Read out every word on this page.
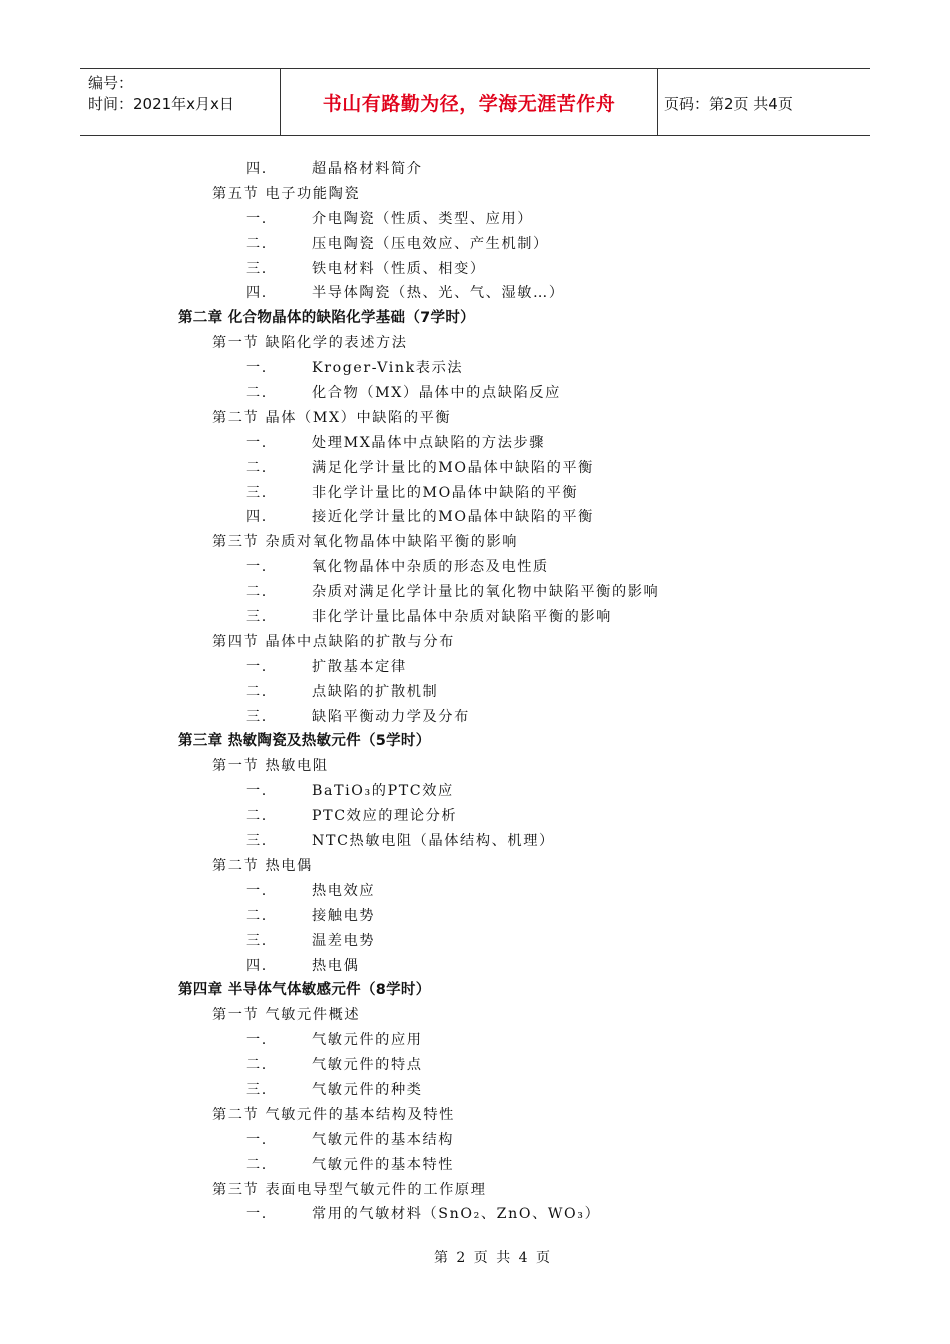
编号：
时间：2021年x月x日	书山有路勤为径，学海无涯苦作舟	页码：第2页 共4页
四.	超晶格材料简介
第五节 电子功能陶瓷
一.	介电陶瓷（性质、类型、应用）
二.	压电陶瓷（压电效应、产生机制）
三.	铁电材料（性质、相变）
四.	半导体陶瓷（热、光、气、湿敏…）
第二章 化合物晶体的缺陷化学基础（7学时）
第一节 缺陷化学的表述方法
一.	Kroger-Vink表示法
二.	化合物（MX）晶体中的点缺陷反应
第二节 晶体（MX）中缺陷的平衡
一.	处理MX晶体中点缺陷的方法步骤
二.	满足化学计量比的MO晶体中缺陷的平衡
三.	非化学计量比的MO晶体中缺陷的平衡
四.	接近化学计量比的MO晶体中缺陷的平衡
第三节 杂质对氧化物晶体中缺陷平衡的影响
一.	氧化物晶体中杂质的形态及电性质
二.	杂质对满足化学计量比的氧化物中缺陷平衡的影响
三.	非化学计量比晶体中杂质对缺陷平衡的影响
第四节 晶体中点缺陷的扩散与分布
一.	扩散基本定律
二.	点缺陷的扩散机制
三.	缺陷平衡动力学及分布
第三章 热敏陶瓷及热敏元件（5学时）
第一节 热敏电阻
一.	BaTiO₃的PTC效应
二.	PTC效应的理论分析
三.	NTC热敏电阻（晶体结构、机理）
第二节 热电偶
一.	热电效应
二.	接触电势
三.	温差电势
四.	热电偶
第四章 半导体气体敏感元件（8学时）
第一节 气敏元件概述
一.	气敏元件的应用
二.	气敏元件的特点
三.	气敏元件的种类
第二节 气敏元件的基本结构及特性
一.	气敏元件的基本结构
二.	气敏元件的基本特性
第三节 表面电导型气敏元件的工作原理
一.	常用的气敏材料（SnO₂、ZnO、WO₃）
第 2 页 共 4 页
